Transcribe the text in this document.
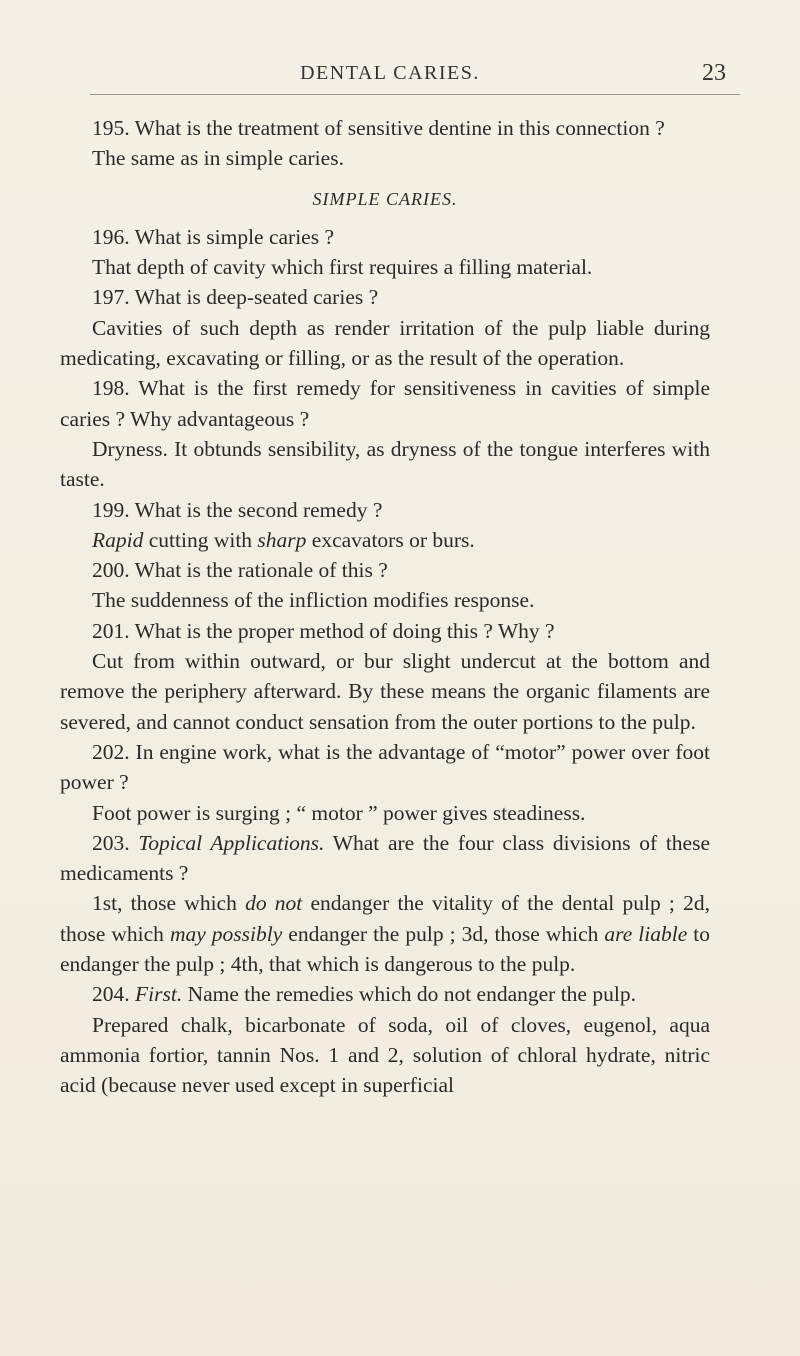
DENTAL CARIES.	23

195. What is the treatment of sensitive dentine in this connection ?

The same as in simple caries.

SIMPLE CARIES.

196. What is simple caries ?

That depth of cavity which first requires a filling material.

197. What is deep-seated caries ?

Cavities of such depth as render irritation of the pulp liable during medicating, excavating or filling, or as the result of the operation.

198. What is the first remedy for sensitiveness in cavities of simple caries ? Why advantageous ?

Dryness. It obtunds sensibility, as dryness of the tongue interferes with taste.

199. What is the second remedy ?

Rapid cutting with sharp excavators or burs.

200. What is the rationale of this ?

The suddenness of the infliction modifies response.

201. What is the proper method of doing this ? Why ?

Cut from within outward, or bur slight undercut at the bottom and remove the periphery afterward. By these means the organic filaments are severed, and cannot conduct sensation from the outer portions to the pulp.

202. In engine work, what is the advantage of “motor” power over foot power ?

Foot power is surging ; “ motor ” power gives steadiness.

203. Topical Applications. What are the four class divisions of these medicaments ?

1st, those which do not endanger the vitality of the dental pulp ; 2d, those which may possibly endanger the pulp ; 3d, those which are liable to endanger the pulp ; 4th, that which is dangerous to the pulp.

204. First. Name the remedies which do not endanger the pulp.

Prepared chalk, bicarbonate of soda, oil of cloves, eugenol, aqua ammonia fortior, tannin Nos. 1 and 2, solution of chloral hydrate, nitric acid (because never used except in superficial
